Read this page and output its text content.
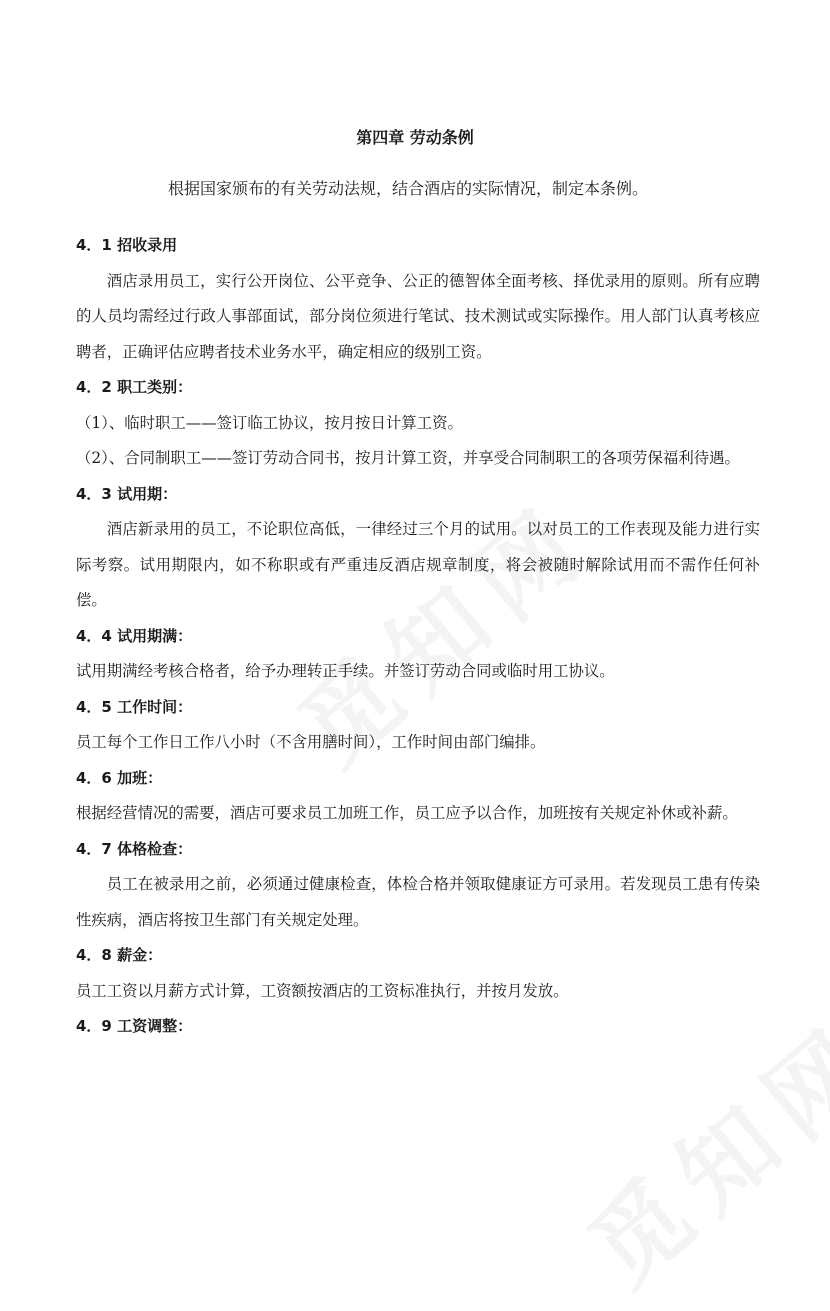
第四章 劳动条例
根据国家颁布的有关劳动法规，结合酒店的实际情况，制定本条例。

4．1 招收录用

酒店录用员工，实行公开岗位、公平竞争、公正的德智体全面考核、择优录用的原则。所有应聘的人员均需经过行政人事部面试，部分岗位须进行笔试、技术测试或实际操作。用人部门认真考核应聘者，正确评估应聘者技术业务水平，确定相应的级别工资。

4．2 职工类别：

（1）、临时职工——签订临工协议，按月按日计算工资。

（2）、合同制职工——签订劳动合同书，按月计算工资，并享受合同制职工的各项劳保福利待遇。

4．3 试用期：

酒店新录用的员工，不论职位高低，一律经过三个月的试用。以对员工的工作表现及能力进行实际考察。试用期限内，如不称职或有严重违反酒店规章制度，将会被随时解除试用而不需作任何补偿。

4．4 试用期满：

试用期满经考核合格者，给予办理转正手续。并签订劳动合同或临时用工协议。

4．5 工作时间：

员工每个工作日工作八小时（不含用膳时间），工作时间由部门编排。

4．6 加班：

根据经营情况的需要，酒店可要求员工加班工作，员工应予以合作，加班按有关规定补休或补薪。

4．7 体格检查：

员工在被录用之前，必须通过健康检查，体检合格并领取健康证方可录用。若发现员工患有传染性疾病，酒店将按卫生部门有关规定处理。

4．8 薪金：

员工工资以月薪方式计算，工资额按酒店的工资标准执行，并按月发放。

4．9 工资调整：
